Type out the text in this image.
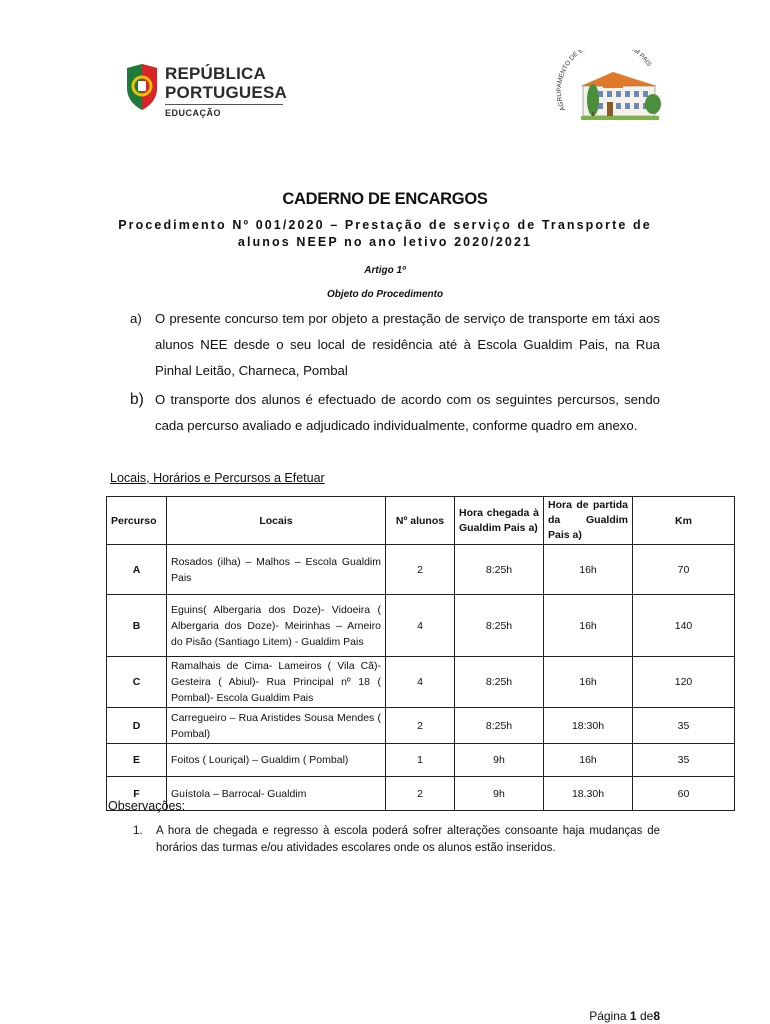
REPÚBLICA
PORTUGUESA
EDUCAÇÃO	AGRUPAMENTO DE E M PAIS
CADERNO DE ENCARGOS
Procedimento Nº 001/2020 – Prestação de serviço de Transporte de alunos NEEP no ano letivo 2020/2021
Artigo 1º
Objeto do Procedimento
a) O presente concurso tem por objeto a prestação de serviço de transporte em táxi aos alunos NEE desde o seu local de residência até à Escola Gualdim Pais, na Rua Pinhal Leitão, Charneca, Pombal
b) O transporte dos alunos é efectuado de acordo com os seguintes percursos, sendo cada percurso avaliado e adjudicado individualmente, conforme quadro em anexo.
Locais, Horários e Percursos a Efetuar
Percurso	Locais	Nº alunos	Hora chegada à Gualdim Pais a)	Hora de partida da Gualdim Pais a)	Km
A	Rosados (ilha) – Malhos – Escola Gualdim Pais	2	8:25h	16h	70
B	Eguins( Albergaria dos Doze)- Vidoeira ( Albergaria dos Doze)- Meirinhas – Arneiro do Pisão (Santiago Litem) - Gualdim Pais	4	8:25h	16h	140
C	Ramalhais de Cima- Lameiros ( Vila Cã)-Gesteira ( Abiul)- Rua Principal nº 18 ( Pombal)- Escola Gualdim Pais	4	8:25h	16h	120
D	Carregueiro – Rua Aristides Sousa Mendes ( Pombal)	2	8:25h	18:30h	35
E	Foitos ( Louriçal) – Gualdim ( Pombal)	1	9h	16h	35
F	Guístola – Barrocal- Gualdim	2	9h	18.30h	60
Observações:
1. A hora de chegada e regresso à escola poderá sofrer alterações consoante haja mudanças de horários das turmas e/ou atividades escolares onde os alunos estão inseridos.
Página 1 de8
